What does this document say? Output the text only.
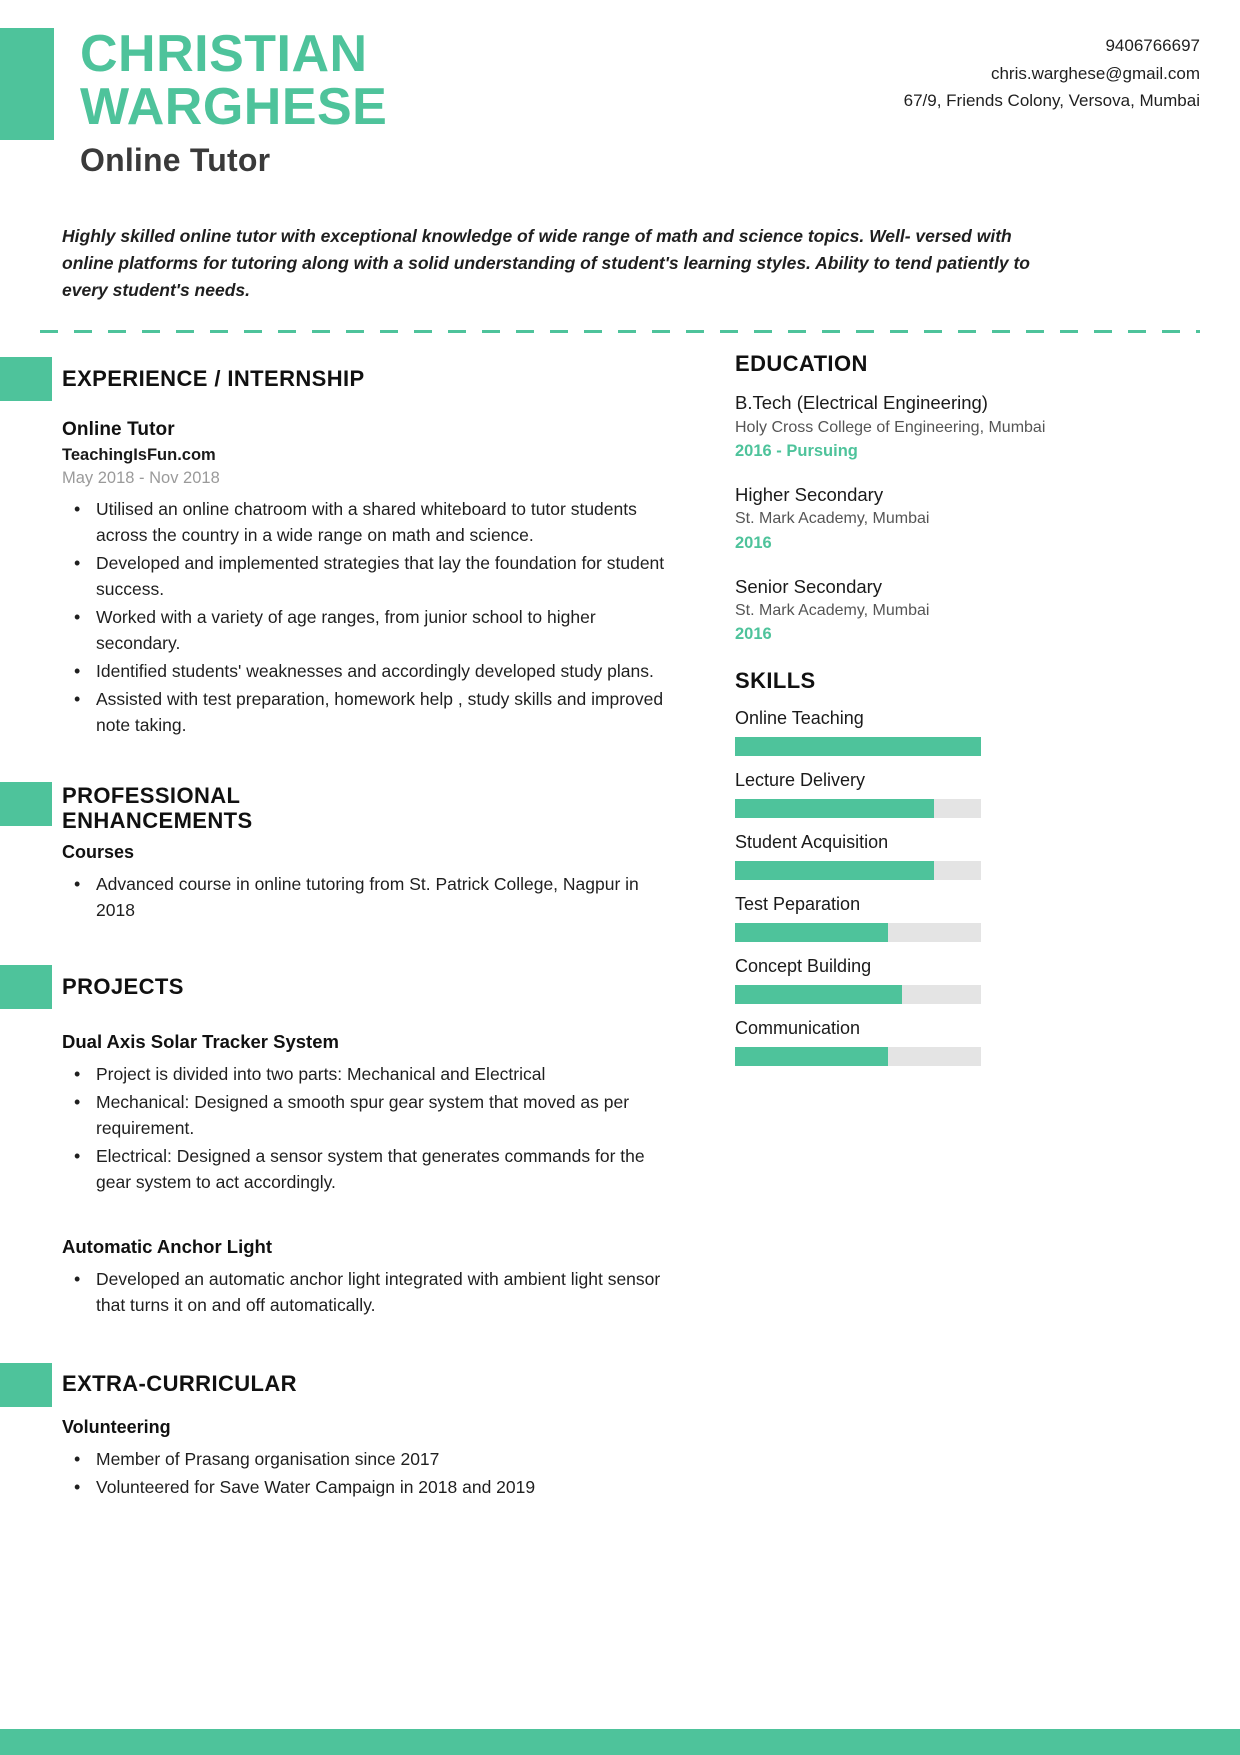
CHRISTIAN
WARGHESE
Online Tutor
9406766697
chris.warghese@gmail.com
67/9, Friends Colony, Versova, Mumbai
Highly skilled online tutor with exceptional knowledge of wide range of math and science topics. Well- versed with online platforms for tutoring along with a solid understanding of student's learning styles. Ability to tend patiently to every student's needs.
EXPERIENCE / INTERNSHIP
Online Tutor
TeachingIsFun.com
May 2018 - Nov 2018
• Utilised an online chatroom with a shared whiteboard to tutor students across the country in a wide range on math and science.
• Developed and implemented strategies that lay the foundation for student success.
• Worked with a variety of age ranges, from junior school to higher secondary.
• Identified students' weaknesses and accordingly developed study plans.
• Assisted with test preparation, homework help , study skills and improved note taking.
PROFESSIONAL
ENHANCEMENTS
Courses
• Advanced course in online tutoring from St. Patrick College, Nagpur in 2018
PROJECTS
Dual Axis Solar Tracker System
• Project is divided into two parts: Mechanical and Electrical
• Mechanical: Designed a smooth spur gear system that moved as per requirement.
• Electrical: Designed a sensor system that generates commands for the gear system to act accordingly.
Automatic Anchor Light
• Developed an automatic anchor light integrated with ambient light sensor that turns it on and off automatically.
EXTRA-CURRICULAR
Volunteering
• Member of Prasang organisation since 2017
• Volunteered for Save Water Campaign in 2018 and 2019
EDUCATION
B.Tech (Electrical Engineering)
Holy Cross College of Engineering, Mumbai
2016 - Pursuing
Higher Secondary
St. Mark Academy, Mumbai
2016
Senior Secondary
St. Mark Academy, Mumbai
2016
SKILLS
Online Teaching
Lecture Delivery
Student Acquisition
Test Peparation
Concept Building
Communication
